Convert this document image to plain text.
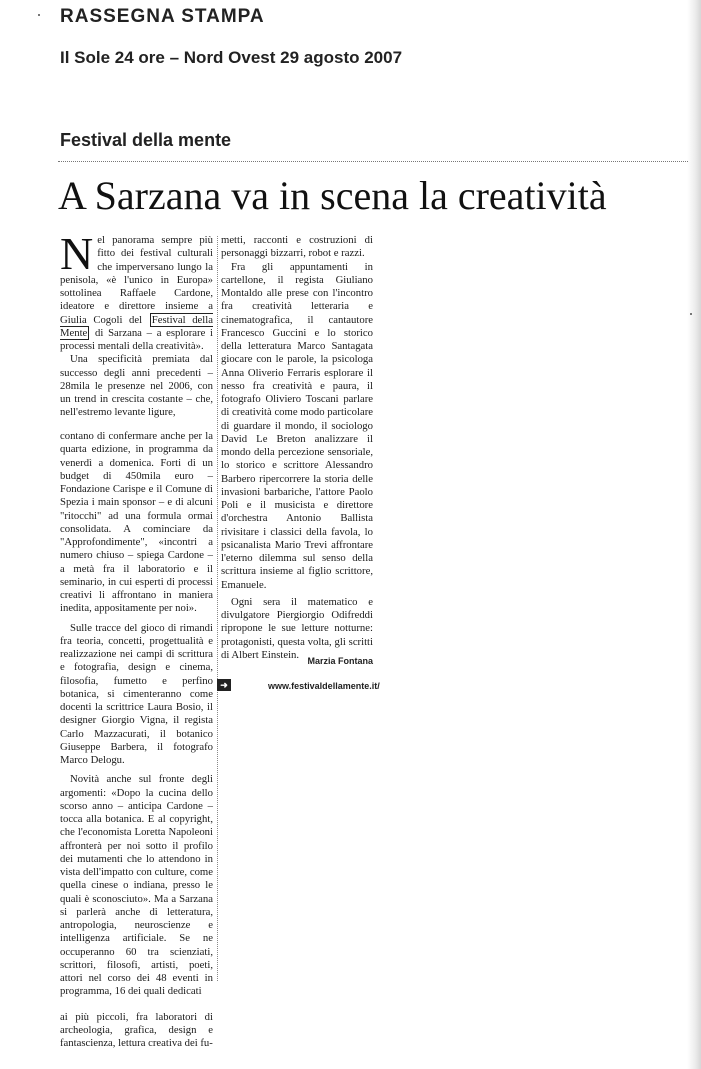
RASSEGNA STAMPA

Il Sole 24 ore – Nord Ovest 29 agosto 2007

Festival della mente
A Sarzana va in scena la creatività

Nel panorama sempre più fitto dei festival culturali che imperversano lungo la penisola, «è l'unico in Europa» sottolinea Raffaele Cardone, ideatore e direttore insieme a Giulia Cogoli del Festival della Mente di Sarzana – a esplorare i processi mentali della creatività».

Una specificità premiata dal successo degli anni precedenti – 28mila le presenze nel 2006, con un trend in crescita costante – che, nell'estremo levante ligure,

contano di confermare anche per la quarta edizione, in programma da venerdì a domenica. Forti di un budget di 450mila euro – Fondazione Carispe e il Comune di Spezia i main sponsor – e di alcuni "ritocchi" ad una formula ormai consolidata. A cominciare da "Approfondimente", «incontri a numero chiuso – spiega Cardone – a metà fra il laboratorio e il seminario, in cui esperti di processi creativi li affrontano in maniera inedita, appositamente per noi».

Sulle tracce del gioco di rimandi fra teoria, concetti, progettualità e realizzazione nei campi di scrittura e fotografia, design e cinema, filosofia, fumetto e perfino botanica, si cimenteranno come docenti la scrittrice Laura Bosio, il designer Giorgio Vigna, il regista Carlo Mazzacurati, il botanico Giuseppe Barbera, il fotografo Marco Delogu.

Novità anche sul fronte degli argomenti: «Dopo la cucina dello scorso anno – anticipa Cardone – tocca alla botanica. E al copyright, che l'economista Loretta Napoleoni affronterà per noi sotto il profilo dei mutamenti che lo attendono in vista dell'impatto con culture, come quella cinese o indiana, presso le quali è sconosciuto». Ma a Sarzana si parlerà anche di letteratura, antropologia, neuroscienze e intelligenza artificiale. Se ne occuperanno 60 tra scienziati, scrittori, filosofi, artisti, poeti, attori nel corso dei 48 eventi in programma, 16 dei quali dedicati

ai più piccoli, fra laboratori di archeologia, grafica, design e fantascienza, lettura creativa dei fu-

metti, racconti e costruzioni di personaggi bizzarri, robot e razzi.

Fra gli appuntamenti in cartellone, il regista Giuliano Montaldo alle prese con l'incontro fra creatività letteraria e cinematografica, il cantautore Francesco Guccini e lo storico della letteratura Marco Santagata giocare con le parole, la psicologa Anna Oliverio Ferraris esplorare il nesso fra creatività e paura, il fotografo Oliviero Toscani parlare di creatività come modo particolare di guardare il mondo, il sociologo David Le Breton analizzare il mondo della percezione sensoriale, lo storico e scrittore Alessandro Barbero ripercorrere la storia delle invasioni barbariche, l'attore Paolo Poli e il musicista e direttore d'orchestra Antonio Ballista rivisitare i classici della favola, lo psicanalista Mario Trevi affrontare l'eterno dilemma sul senso della scrittura insieme al figlio scrittore, Emanuele.

Ogni sera il matematico e divulgatore Piergiorgio Odifreddi ripropone le sue letture notturne: protagonisti, questa volta, gli scritti di Albert Einstein.

Marzia Fontana

➜	www.festivaldellamente.it/
